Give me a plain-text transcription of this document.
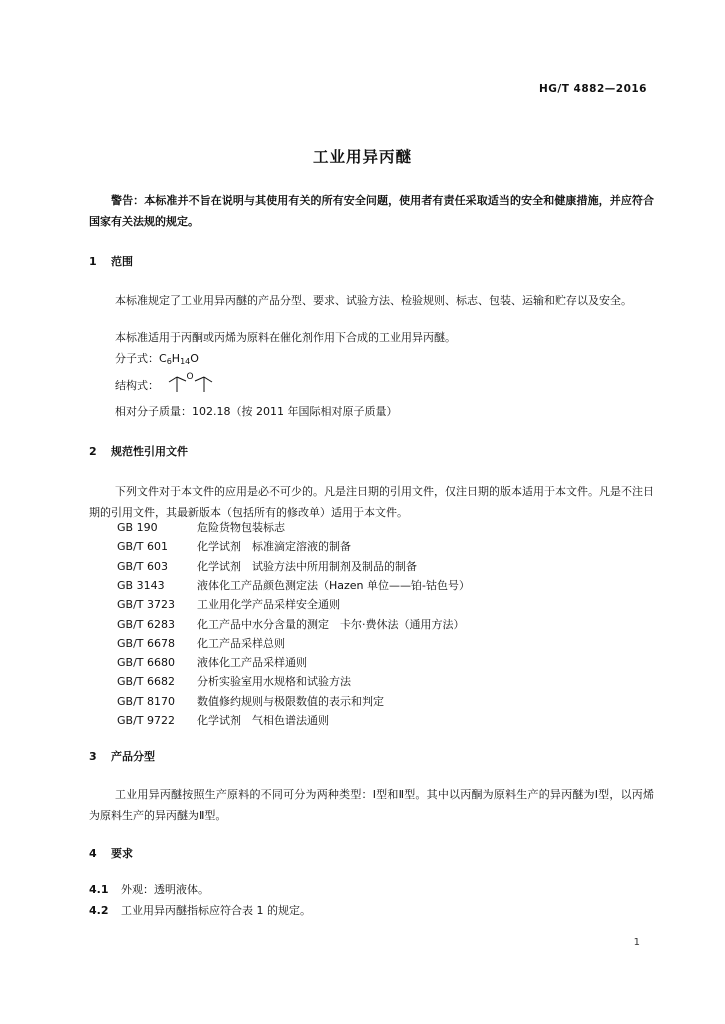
HG/T 4882—2016
工业用异丙醚
警告：本标准并不旨在说明与其使用有关的所有安全问题，使用者有责任采取适当的安全和健康措施，并应符合国家有关法规的规定。
1 范围
本标准规定了工业用异丙醚的产品分型、要求、试验方法、检验规则、标志、包装、运输和贮存以及安全。
本标准适用于丙酮或丙烯为原料在催化剂作用下合成的工业用异丙醚。
分子式：$C_6H_{14}O$
结构式：
O
相对分子质量：102.18（按 2011 年国际相对原子质量）
2 规范性引用文件
下列文件对于本文件的应用是必不可少的。凡是注日期的引用文件，仅注日期的版本适用于本文件。凡是不注日期的引用文件，其最新版本（包括所有的修改单）适用于本文件。
GB 190	危险货物包装标志
GB/T 601	化学试剂　标准滴定溶液的制备
GB/T 603	化学试剂　试验方法中所用制剂及制品的制备
GB 3143	液体化工产品颜色测定法（Hazen 单位——铂-钴色号）
GB/T 3723 工业用化学产品采样安全通则
GB/T 6283 化工产品中水分含量的测定　卡尔·费休法（通用方法）
GB/T 6678 化工产品采样总则
GB/T 6680 液体化工产品采样通则
GB/T 6682 分析实验室用水规格和试验方法
GB/T 8170 数值修约规则与极限数值的表示和判定
GB/T 9722 化学试剂　气相色谱法通则
3 产品分型
工业用异丙醚按照生产原料的不同可分为两种类型：Ⅰ型和Ⅱ型。其中以丙酮为原料生产的异丙醚为Ⅰ型，以丙烯为原料生产的异丙醚为Ⅱ型。
4 要求
4.1 外观：透明液体。
4.2 工业用异丙醚指标应符合表 1 的规定。
1
